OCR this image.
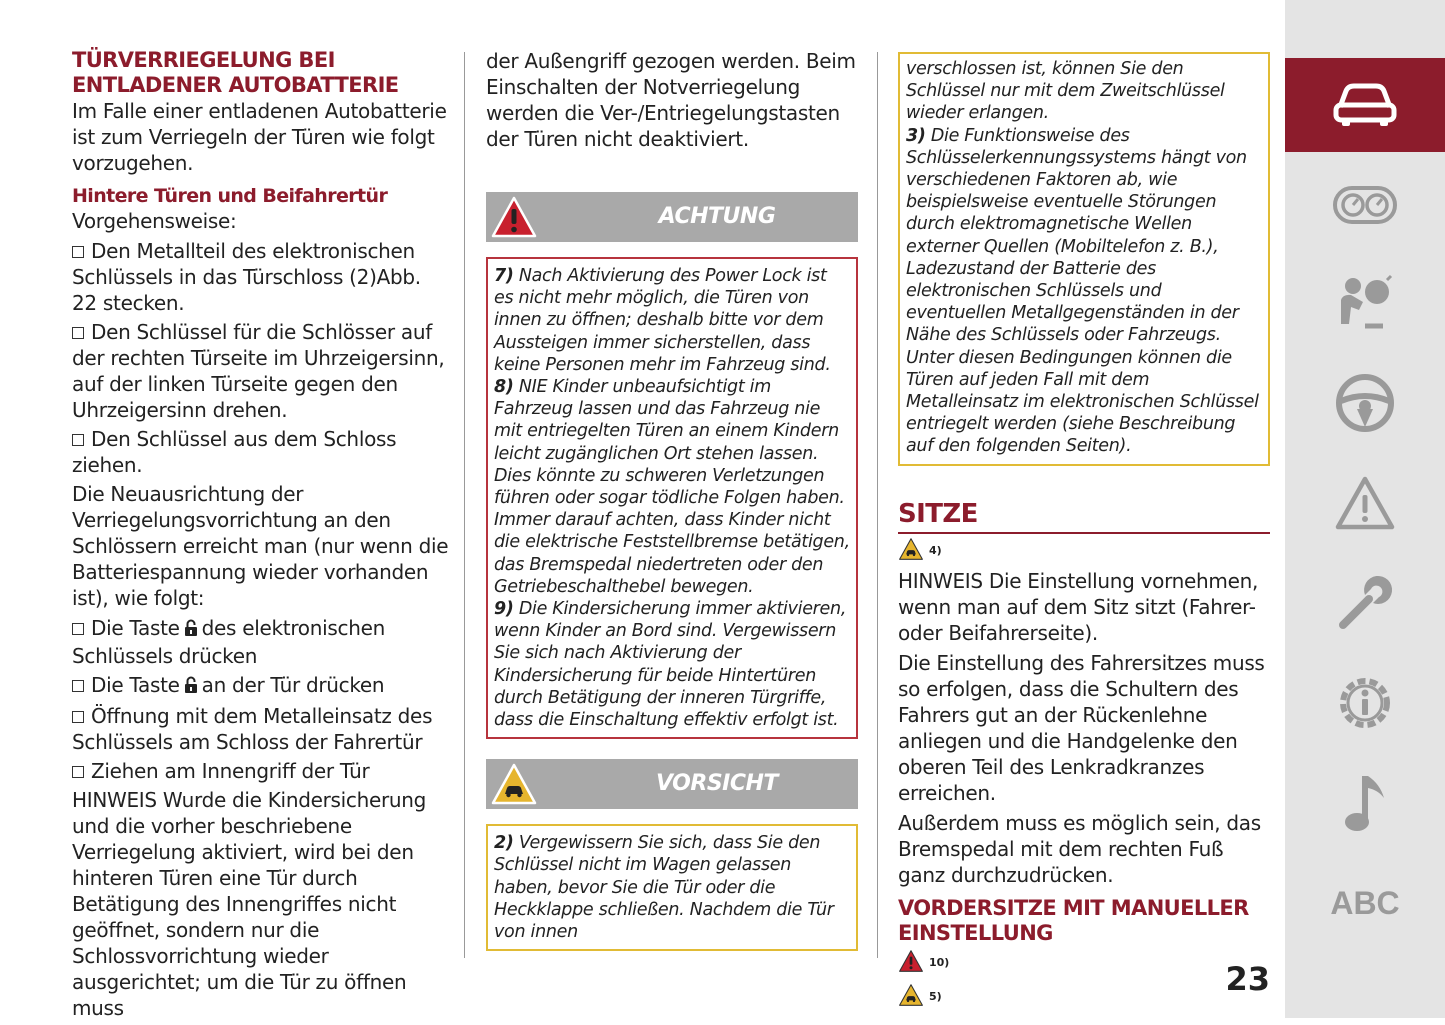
TÜRVERRIEGELUNG BEI ENTLADENER AUTOBATTERIE
Im Falle einer entladenen Autobatterie ist zum Verriegeln der Türen wie folgt vorzugehen.
Hintere Türen und Beifahrertür
Vorgehensweise:
Den Metallteil des elektronischen Schlüssels in das Türschloss (2)Abb. 22 stecken.
Den Schlüssel für die Schlösser auf der rechten Türseite im Uhrzeigersinn, auf der linken Türseite gegen den Uhrzeigersinn drehen.
Den Schlüssel aus dem Schloss ziehen.
Die Neuausrichtung der Verriegelungsvorrichtung an den Schlössern erreicht man (nur wenn die Batteriespannung wieder vorhanden ist), wie folgt:
Die Taste des elektronischen Schlüssels drücken
Die Taste an der Tür drücken
Öffnung mit dem Metalleinsatz des Schlüssels am Schloss der Fahrertür
Ziehen am Innengriff der Tür
HINWEIS Wurde die Kindersicherung und die vorher beschriebene Verriegelung aktiviert, wird bei den hinteren Türen eine Tür durch Betätigung des Innengriffes nicht geöffnet, sondern nur die Schlossvorrichtung wieder ausgerichtet; um die Tür zu öffnen muss
der Außengriff gezogen werden. Beim Einschalten der Notverriegelung werden die Ver-/Entriegelungstasten der Türen nicht deaktiviert.
ACHTUNG
7) Nach Aktivierung des Power Lock ist es nicht mehr möglich, die Türen von innen zu öffnen; deshalb bitte vor dem Aussteigen immer sicherstellen, dass keine Personen mehr im Fahrzeug sind.
8) NIE Kinder unbeaufsichtigt im Fahrzeug lassen und das Fahrzeug nie mit entriegelten Türen an einem Kindern leicht zugänglichen Ort stehen lassen. Dies könnte zu schweren Verletzungen führen oder sogar tödliche Folgen haben. Immer darauf achten, dass Kinder nicht die elektrische Feststellbremse betätigen, das Bremspedal niedertreten oder den Getriebeschalthebel bewegen.
9) Die Kindersicherung immer aktivieren, wenn Kinder an Bord sind. Vergewissern Sie sich nach Aktivierung der Kindersicherung für beide Hintertüren durch Betätigung der inneren Türgriffe, dass die Einschaltung effektiv erfolgt ist.
VORSICHT
2) Vergewissern Sie sich, dass Sie den Schlüssel nicht im Wagen gelassen haben, bevor Sie die Tür oder die Heckklappe schließen. Nachdem die Tür von innen
verschlossen ist, können Sie den Schlüssel nur mit dem Zweitschlüssel wieder erlangen.
3) Die Funktionsweise des Schlüsselerkennungssystems hängt von verschiedenen Faktoren ab, wie beispielsweise eventuelle Störungen durch elektromagnetische Wellen externer Quellen (Mobiltelefon z. B.), Ladezustand der Batterie des elektronischen Schlüssels und eventuellen Metallgegenständen in der Nähe des Schlüssels oder Fahrzeugs. Unter diesen Bedingungen können die Türen auf jeden Fall mit dem Metalleinsatz im elektronischen Schlüssel entriegelt werden (siehe Beschreibung auf den folgenden Seiten).
SITZE
4)
HINWEIS Die Einstellung vornehmen, wenn man auf dem Sitz sitzt (Fahrer- oder Beifahrerseite).
Die Einstellung des Fahrersitzes muss so erfolgen, dass die Schultern des Fahrers gut an der Rückenlehne anliegen und die Handgelenke den oberen Teil des Lenkradkranzes erreichen.
Außerdem muss es möglich sein, das Bremspedal mit dem rechten Fuß ganz durchzudrücken.
VORDERSITZE MIT MANUELLER EINSTELLUNG
10)
5)	23
ABC
